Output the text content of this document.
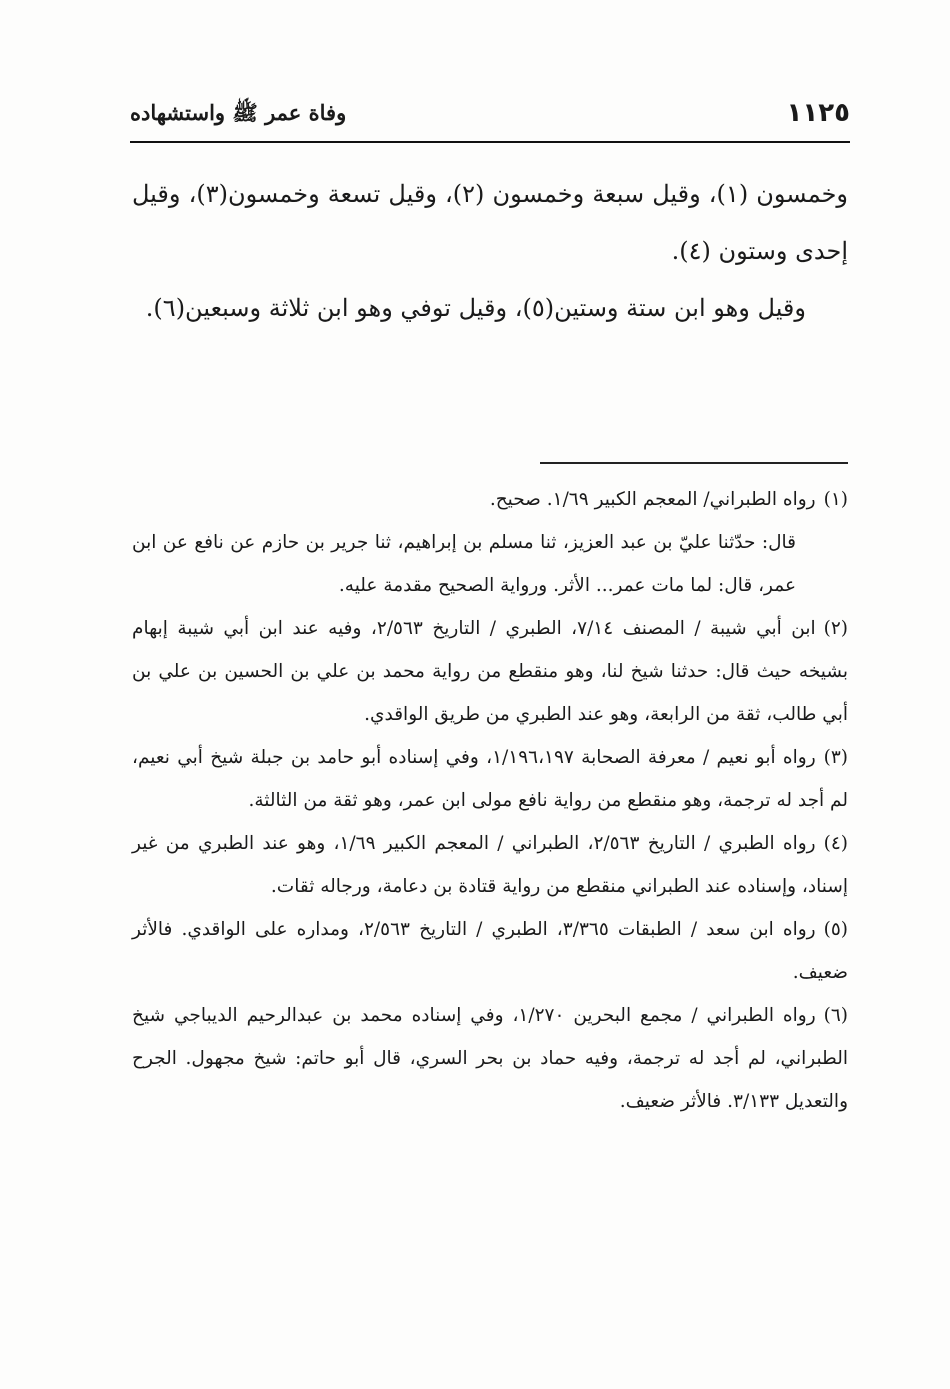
١١٢٥
وفاة عمر ﷺ واستشهاده

وخمسون (١)، وقيل سبعة وخمسون (٢)، وقيل تسعة وخمسون(٣)، وقيل إحدى وستون (٤).

وقيل وهو ابن ستة وستين(٥)، وقيل توفي وهو ابن ثلاثة وسبعين(٦).

(١)رواه الطبراني/ المعجم الكبير ١/٦٩. صحيح.

قال: حدّثنا عليّ بن عبد العزيز، ثنا مسلم بن إبراهيم، ثنا جرير بن حازم عن نافع عن ابن عمر، قال: لما مات عمر... الأثر. ورواية الصحيح مقدمة عليه.

(٢)ابن أبي شيبة / المصنف ٧/١٤، الطبري / التاريخ ٢/٥٦٣، وفيه عند ابن أبي شيبة إبهام بشيخه حيث قال: حدثنا شيخ لنا، وهو منقطع من رواية محمد بن علي بن الحسين بن علي بن أبي طالب، ثقة من الرابعة، وهو عند الطبري من طريق الواقدي.

(٣)رواه أبو نعيم / معرفة الصحابة ١/١٩٦،١٩٧، وفي إسناده أبو حامد بن جبلة شيخ أبي نعيم، لم أجد له ترجمة، وهو منقطع من رواية نافع مولى ابن عمر، وهو ثقة من الثالثة.

(٤)رواه الطبري / التاريخ ٢/٥٦٣، الطبراني / المعجم الكبير ١/٦٩، وهو عند الطبري من غير إسناد، وإسناده عند الطبراني منقطع من رواية قتادة بن دعامة، ورجاله ثقات.

(٥)رواه ابن سعد / الطبقات ٣/٣٦٥، الطبري / التاريخ ٢/٥٦٣، ومداره على الواقدي. فالأثر ضعيف.

(٦)رواه الطبراني / مجمع البحرين ١/٢٧٠، وفي إسناده محمد بن عبدالرحيم الديباجي شيخ الطبراني، لم أجد له ترجمة، وفيه حماد بن بحر السري، قال أبو حاتم: شيخ مجهول. الجرح والتعديل ٣/١٣٣. فالأثر ضعيف.
